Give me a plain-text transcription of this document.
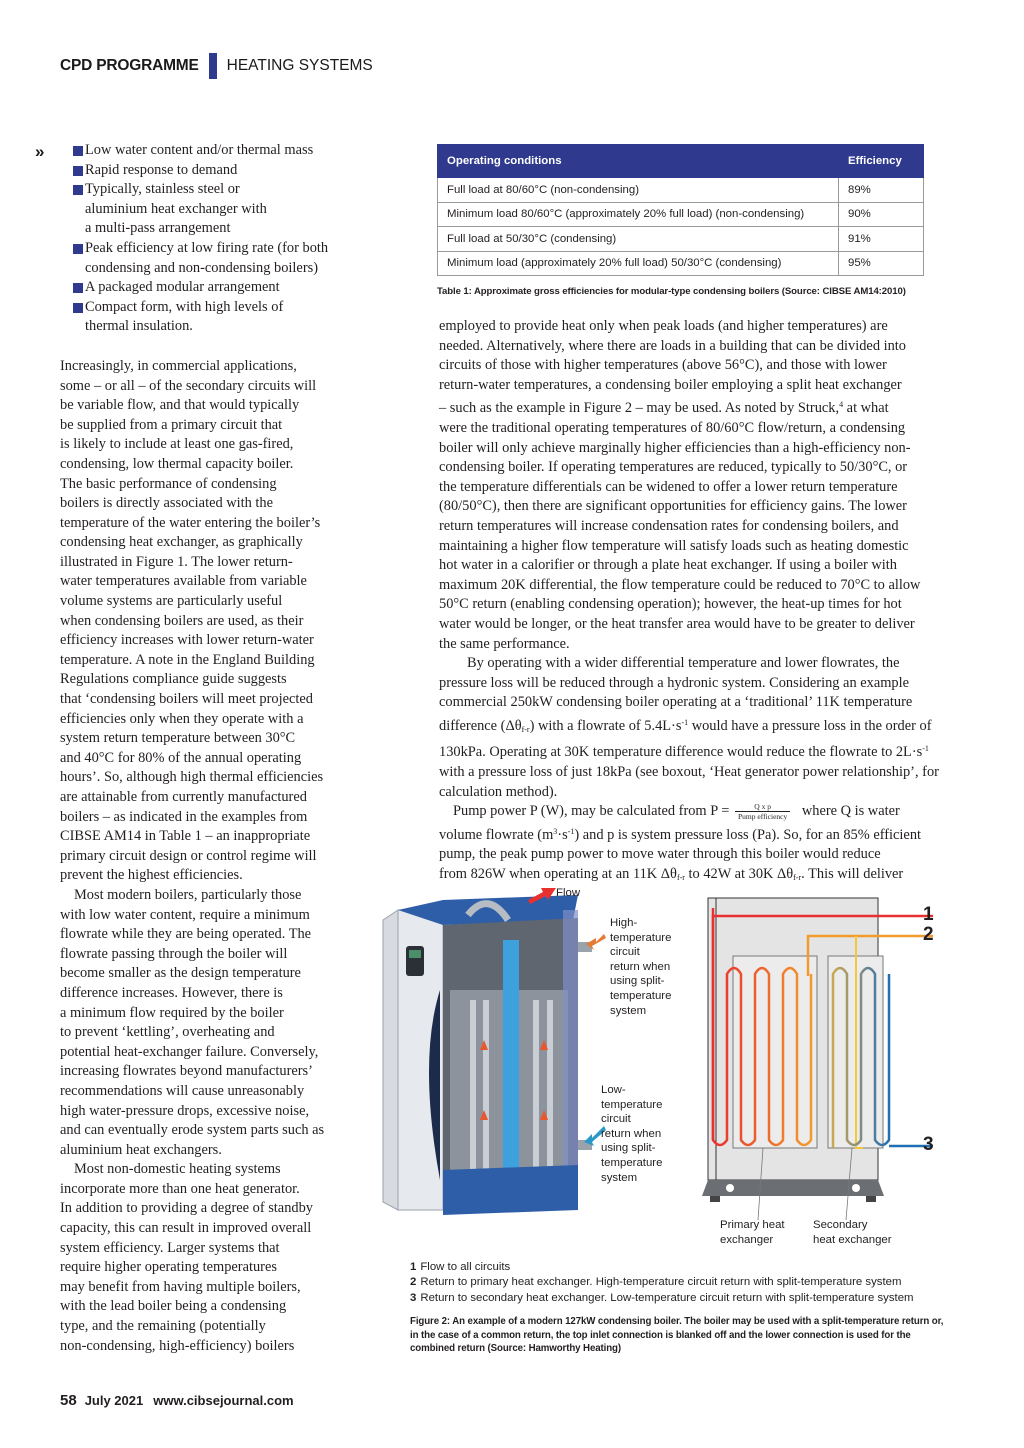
CPD PROGRAMME HEATING SYSTEMS
»	Low water content and/or thermal mass
Rapid response to demand
Typically, stainless steel or
aluminium heat exchanger with
a multi-pass arrangement
Peak efficiency at low firing rate (for both
condensing and non-condensing boilers)
A packaged modular arrangement
Compact form, with high levels of
thermal insulation.
Increasingly, in commercial applications,
some – or all – of the secondary circuits will
be variable flow, and that would typically
be supplied from a primary circuit that
is likely to include at least one gas-fired,
condensing, low thermal capacity boiler.
The basic performance of condensing
boilers is directly associated with the
temperature of the water entering the boiler’s
condensing heat exchanger, as graphically
illustrated in Figure 1. The lower return-
water temperatures available from variable
volume systems are particularly useful
when condensing boilers are used, as their
efficiency increases with lower return-water
temperature. A note in the England Building
Regulations compliance guide suggests
that ‘condensing boilers will meet projected
efficiencies only when they operate with a
system return temperature between 30°C
and 40°C for 80% of the annual operating
hours’. So, although high thermal efficiencies
are attainable from currently manufactured
boilers – as indicated in the examples from
CIBSE AM14 in Table 1 – an inappropriate
primary circuit design or control regime will
prevent the highest efficiencies.
Most modern boilers, particularly those
with low water content, require a minimum
flowrate while they are being operated. The
flowrate passing through the boiler will
become smaller as the design temperature
difference increases. However, there is
a minimum flow required by the boiler
to prevent ‘kettling’, overheating and
potential heat-exchanger failure. Conversely,
increasing flowrates beyond manufacturers’
recommendations will cause unreasonably
high water-pressure drops, excessive noise,
and can eventually erode system parts such as
aluminium heat exchangers.
Most non-domestic heating systems
incorporate more than one heat generator.
In addition to providing a degree of standby
capacity, this can result in improved overall
system efficiency. Larger systems that
require higher operating temperatures
may benefit from having multiple boilers,
with the lead boiler being a condensing
type, and the remaining (potentially
non-condensing, high-efficiency) boilers
Operating conditions	Efficiency
Full load at 80/60°C (non-condensing)	89%
Minimum load 80/60°C (approximately 20% full load) (non-condensing)	90%
Full load at 50/30°C (condensing)	91%
Minimum load (approximately 20% full load) 50/30°C (condensing)	95%
Table 1: Approximate gross efficiencies for modular-type condensing boilers (Source: CIBSE AM14:2010)
employed to provide heat only when peak loads (and higher temperatures) are
needed. Alternatively, where there are loads in a building that can be divided into
circuits of those with higher temperatures (above 56°C), and those with lower
return-water temperatures, a condensing boiler employing a split heat exchanger
– such as the example in Figure 2 – may be used. As noted by Struck,$^4$ at what
were the traditional operating temperatures of 80/60°C flow/return, a condensing
boiler will only achieve marginally higher efficiencies than a high-efficiency non-
condensing boiler. If operating temperatures are reduced, typically to 50/30°C, or
the temperature differentials can be widened to offer a lower return temperature
(80/50°C), then there are significant opportunities for efficiency gains. The lower
return temperatures will increase condensation rates for condensing boilers, and
maintaining a higher flow temperature will satisfy loads such as heating domestic
hot water in a calorifier or through a plate heat exchanger. If using a boiler with
maximum 20K differential, the flow temperature could be reduced to 70°C to allow
50°C return (enabling condensing operation); however, the heat-up times for hot
water would be longer, or the heat transfer area would have to be greater to deliver
the same performance.
By operating with a wider differential temperature and lower flowrates, the
pressure loss will be reduced through a hydronic system. Considering an example
commercial 250kW condensing boiler operating at a ‘traditional’ 11K temperature
difference $(\Delta\theta_{f-r})$ with a flowrate of $5.4L\cdot s^{-1}$ would have a pressure loss in the order of
130kPa. Operating at 30K temperature difference would reduce the flowrate to $2L\cdot s^{-1}$
with a pressure loss of just 18kPa (see boxout, ‘Heat generator power relationship’, for
calculation method).
Pump power P (W), may be calculated from $P = \frac{\text{Q x p}}{\text{Pump efficiency}}$ where Q is water
volume flowrate $(m^3\cdot s^{-1})$ and p is system pressure loss (Pa). So, for an 85% efficient
pump, the peak pump power to move water through this boiler would reduce
from 826W when operating at an 11K $\Delta\theta_{f-r}$ to 42W at 30K $\Delta\theta_{f-r}$. This will deliver
Flow
High-
temperature
circuit
return when
using split-
temperature
system
Low-
temperature
circuit
return when
using split-
temperature
system
1
2
3
Primary heat
exchanger
Secondary
heat exchanger
1 Flow to all circuits
2 Return to primary heat exchanger. High-temperature circuit return with split-temperature system
3 Return to secondary heat exchanger. Low-temperature circuit return with split-temperature system
Figure 2: An example of a modern 127kW condensing boiler. The boiler may be used with a split-temperature return or, in the case of a common return, the top inlet connection is blanked off and the lower connection is used for the combined return (Source: Hamworthy Heating)
58 July 2021 www.cibsejournal.com
